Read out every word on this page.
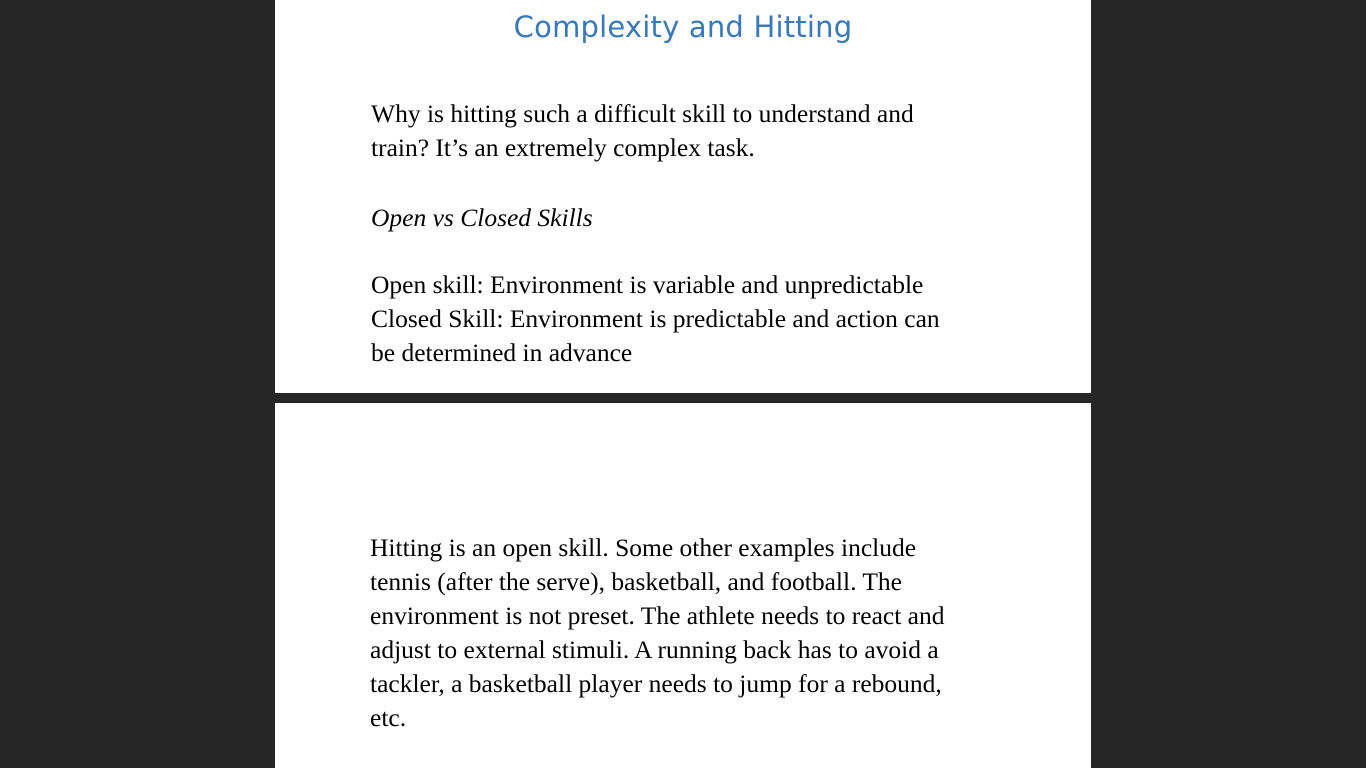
Complexity and Hitting
Why is hitting such a difficult skill to understand and
train? It’s an extremely complex task.
Open vs Closed Skills
Open skill: Environment is variable and unpredictable
Closed Skill: Environment is predictable and action can
be determined in advance
Hitting is an open skill. Some other examples include
tennis (after the serve), basketball, and football. The
environment is not preset. The athlete needs to react and
adjust to external stimuli. A running back has to avoid a
tackler, a basketball player needs to jump for a rebound,
etc.
